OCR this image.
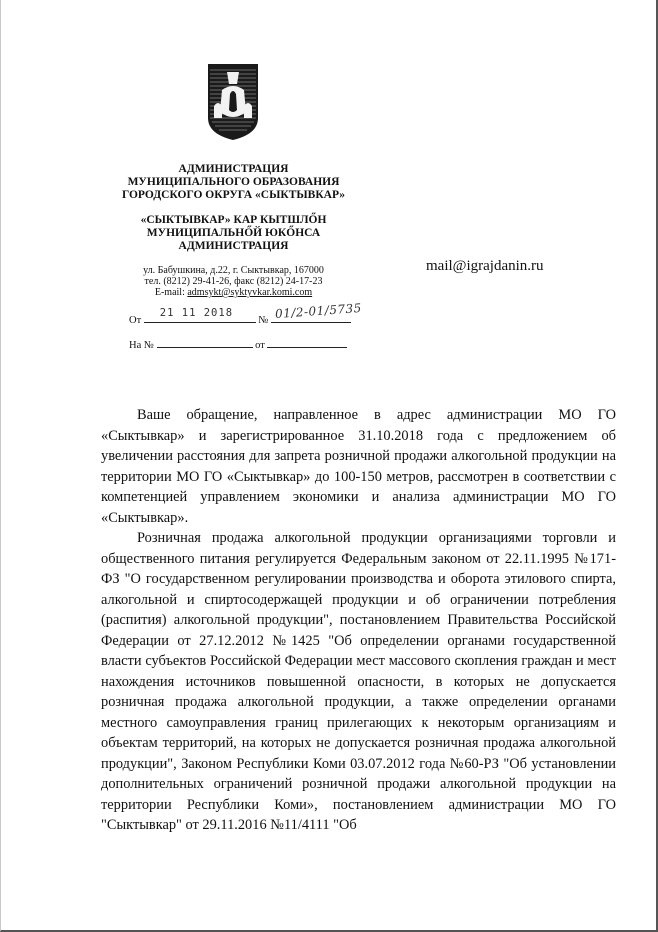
АДМИНИСТРАЦИЯ
МУНИЦИПАЛЬНОГО ОБРАЗОВАНИЯ
ГОРОДСКОГО ОКРУГА «СЫКТЫВКАР»
«СЫКТЫВКАР» КАР КЫТШЛŐН
МУНИЦИПАЛЬНŐЙ ЮКŐНСА
АДМИНИСТРАЦИЯ
ул. Бабушкина, д.22, г. Сыктывкар, 167000
тел. (8212) 29-41-26, факс (8212) 24-17-23
E-mail: admsykt@syktyvkar.komi.com
mail@igrajdanin.ru
От
21 11 2018
№ 01/2-01/5735
На №	от

Ваше обращение, направленное в адрес администрации МО ГО «Сыктывкар» и зарегистрированное 31.10.2018 года с предложением об увеличении расстояния для запрета розничной продажи алкогольной продукции на территории МО ГО «Сыктывкар» до 100-150 метров, рассмотрен в соответствии с компетенцией управлением экономики и анализа администрации МО ГО «Сыктывкар».

Розничная продажа алкогольной продукции организациями торговли и общественного питания регулируется Федеральным законом от 22.11.1995 №171-ФЗ "О государственном регулировании производства и оборота этилового спирта, алкогольной и спиртосодержащей продукции и об ограничении потребления (распития) алкогольной продукции", постановлением Правительства Российской Федерации от 27.12.2012 №1425 "Об определении органами государственной власти субъектов Российской Федерации мест массового скопления граждан и мест нахождения источников повышенной опасности, в которых не допускается розничная продажа алкогольной продукции, а также определении органами местного самоуправления границ прилегающих к некоторым организациям и объектам территорий, на которых не допускается розничная продажа алкогольной продукции", Законом Республики Коми 03.07.2012 года №60-РЗ "Об установлении дополнительных ограничений розничной продажи алкогольной продукции на территории Республики Коми», постановлением администрации МО ГО "Сыктывкар" от 29.11.2016 №11/4111 "Об
